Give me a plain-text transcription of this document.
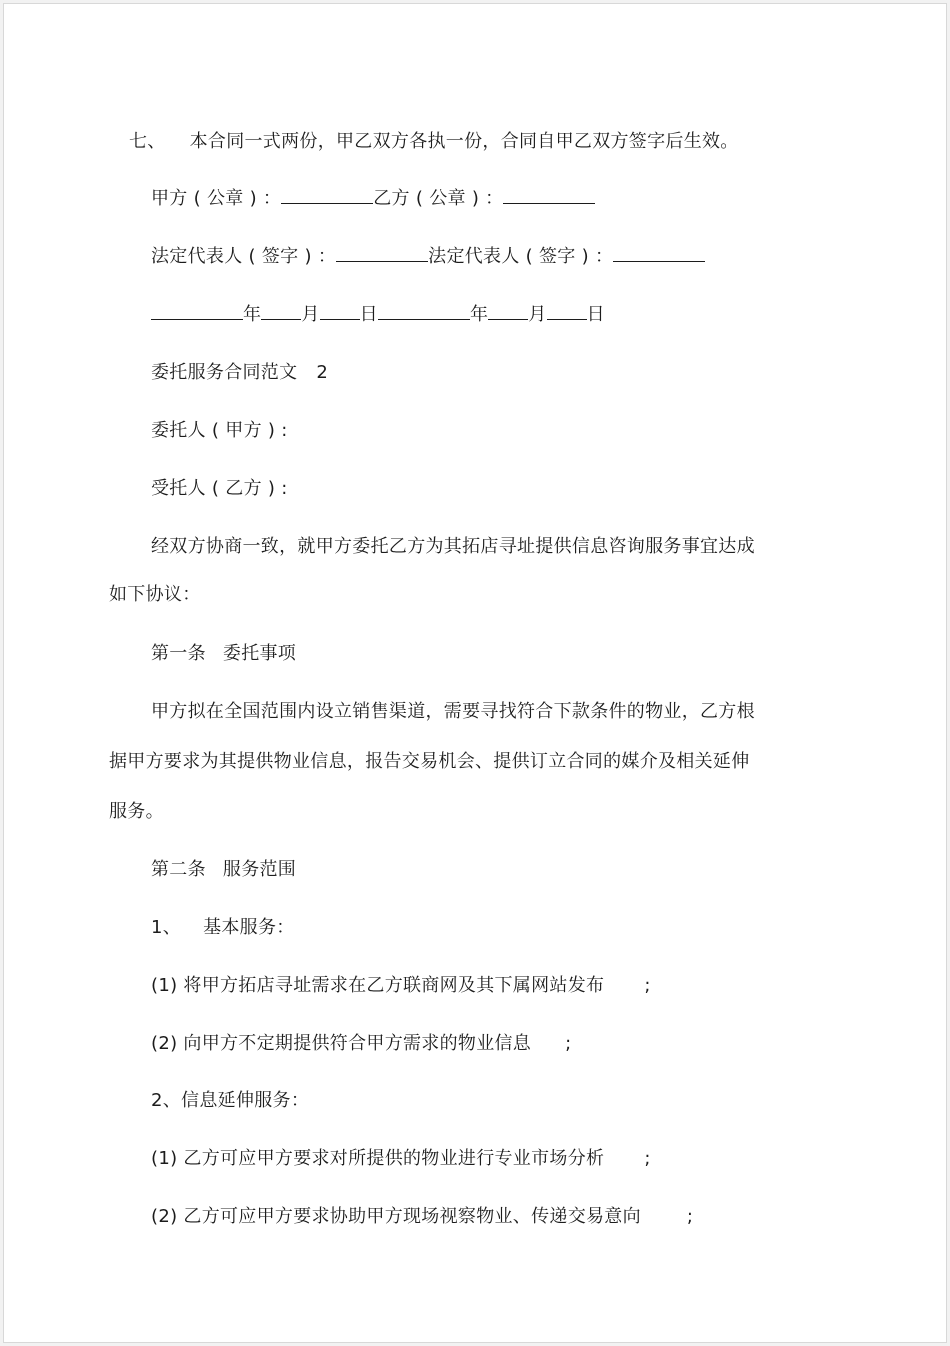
七、 本合同一式两份，甲乙双方各执一份，合同自甲乙双方签字后生效。
甲方 ( 公章 ) ：	乙方 ( 公章 ) ：
法定代表人 ( 签字 ) ：	法定代表人 ( 签字 ) ：
年 月 日	年 月 日
委托服务合同范文 2
委托人 ( 甲方 ) :
受托人 ( 乙方 ) :
经双方协商一致，就甲方委托乙方为其拓店寻址提供信息咨询服务事宜达成
如下协议：
第一条 委托事项
甲方拟在全国范围内设立销售渠道，需要寻找符合下款条件的物业，乙方根
据甲方要求为其提供物业信息，报告交易机会、提供订立合同的媒介及相关延伸
服务。
第二条 服务范围
1、 基本服务：
(1) 将甲方拓店寻址需求在乙方联商网及其下属网站发布 ;
(2) 向甲方不定期提供符合甲方需求的物业信息 ;
2、信息延伸服务：
(1) 乙方可应甲方要求对所提供的物业进行专业市场分析 ;
(2) 乙方可应甲方要求协助甲方现场视察物业、传递交易意向	;
